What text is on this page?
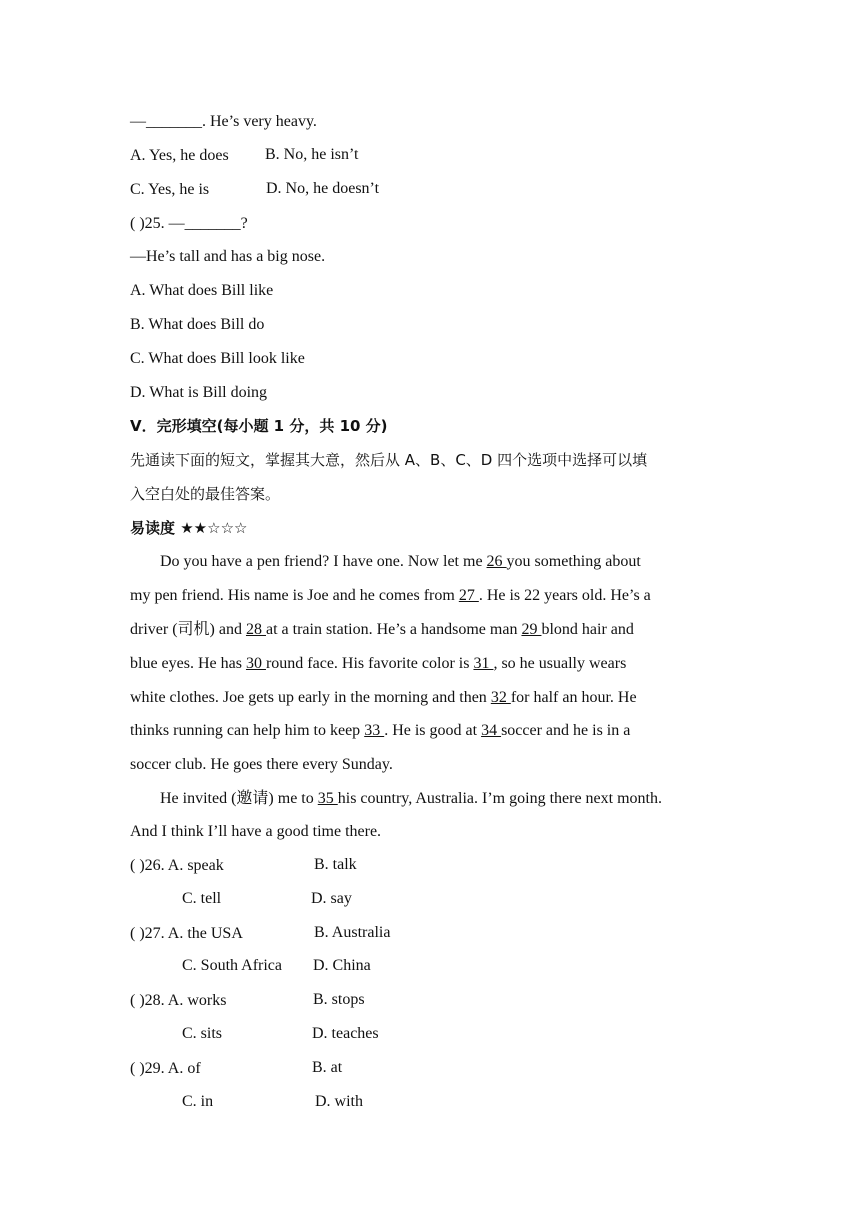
—_______. He’s very heavy.
A. Yes, he does B. No, he isn’t
C. Yes, he is	D. No, he doesn’t
( )25. —_______?
—He’s tall and has a big nose.
A. What does Bill like
B. What does Bill do
C. What does Bill look like
D. What is Bill doing
V．完形填空(每小题 1 分，共 10 分)
先通读下面的短文，掌握其大意，然后从 A、B、C、D 四个选项中选择可以填
入空白处的最佳答案。
易读度 ★★☆☆☆
Do you have a pen friend? I have one. Now let me 26 you something about
my pen friend. His name is Joe and he comes from 27 . He is 22 years old. He’s a
driver (司机) and 28 at a train station. He’s a handsome man 29 blond hair and
blue eyes. He has 30 round face. His favorite color is 31 , so he usually wears
white clothes. Joe gets up early in the morning and then 32 for half an hour. He
thinks running can help him to keep 33 . He is good at 34 soccer and he is in a
soccer club. He goes there every Sunday.
He invited (邀请) me to 35 his country, Australia. I’m going there next month.
And I think I’ll have a good time there.
( )26. A. speak	B. talk
C. tell	D. say
( )27. A. the USA	B. Australia
C. South Africa D. China
( )28. A. works	B. stops
C. sits	D. teaches
( )29. A. of	B. at
C. in	D. with
